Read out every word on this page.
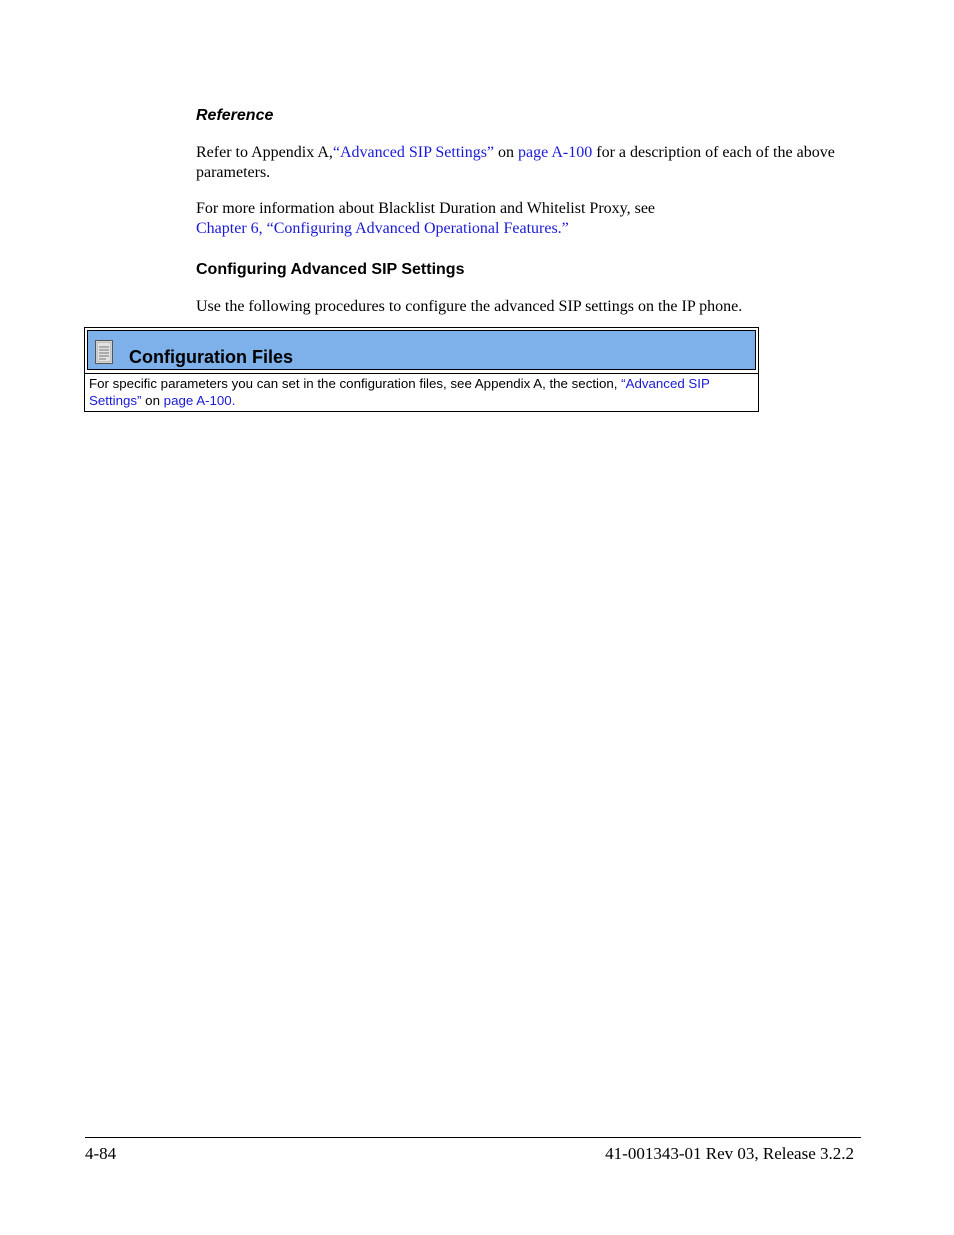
Reference

Refer to Appendix A,“Advanced SIP Settings” on page A-100 for a description of each of the above parameters.

For more information about Blacklist Duration and Whitelist Proxy, see
Chapter 6, “Configuring Advanced Operational Features.”

Configuring Advanced SIP Settings

Use the following procedures to configure the advanced SIP settings on the IP phone.

Configuration Files

For specific parameters you can set in the configuration files, see Appendix A, the section, “Advanced SIP Settings” on page A-100.

4-84	41-001343-01 Rev 03, Release 3.2.2
